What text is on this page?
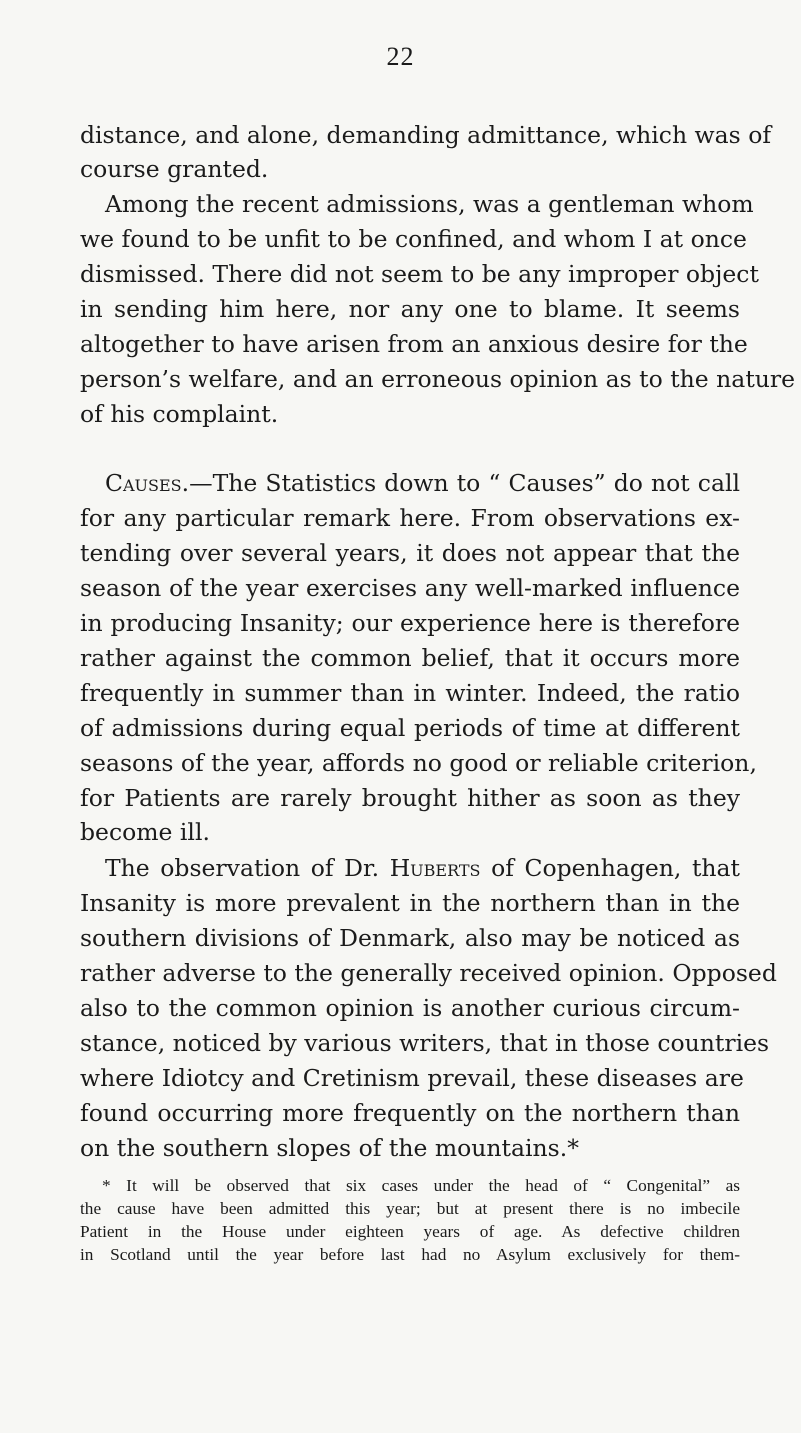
22
distance, and alone, demanding admittance, which was of
course granted.
Among the recent admissions, was a gentleman whom
we found to be unfit to be confined, and whom I at once
dismissed. There did not seem to be any improper object
in sending him here, nor any one to blame. It seems
altogether to have arisen from an anxious desire for the
person’s welfare, and an erroneous opinion as to the nature
of his complaint.
Causes.—The Statistics down to “ Causes” do not call
for any particular remark here. From observations ex-
tending over several years, it does not appear that the
season of the year exercises any well-marked influence
in producing Insanity; our experience here is therefore
rather against the common belief, that it occurs more
frequently in summer than in winter. Indeed, the ratio
of admissions during equal periods of time at different
seasons of the year, affords no good or reliable criterion,
for Patients are rarely brought hither as soon as they
become ill.
The observation of Dr. Huberts of Copenhagen, that
Insanity is more prevalent in the northern than in the
southern divisions of Denmark, also may be noticed as
rather adverse to the generally received opinion. Opposed
also to the common opinion is another curious circum-
stance, noticed by various writers, that in those countries
where Idiotcy and Cretinism prevail, these diseases are
found occurring more frequently on the northern than
on the southern slopes of the mountains.*
* It will be observed that six cases under the head of “ Congenital” as
the cause have been admitted this year; but at present there is no imbecile
Patient in the House under eighteen years of age. As defective children
in Scotland until the year before last had no Asylum exclusively for them-
